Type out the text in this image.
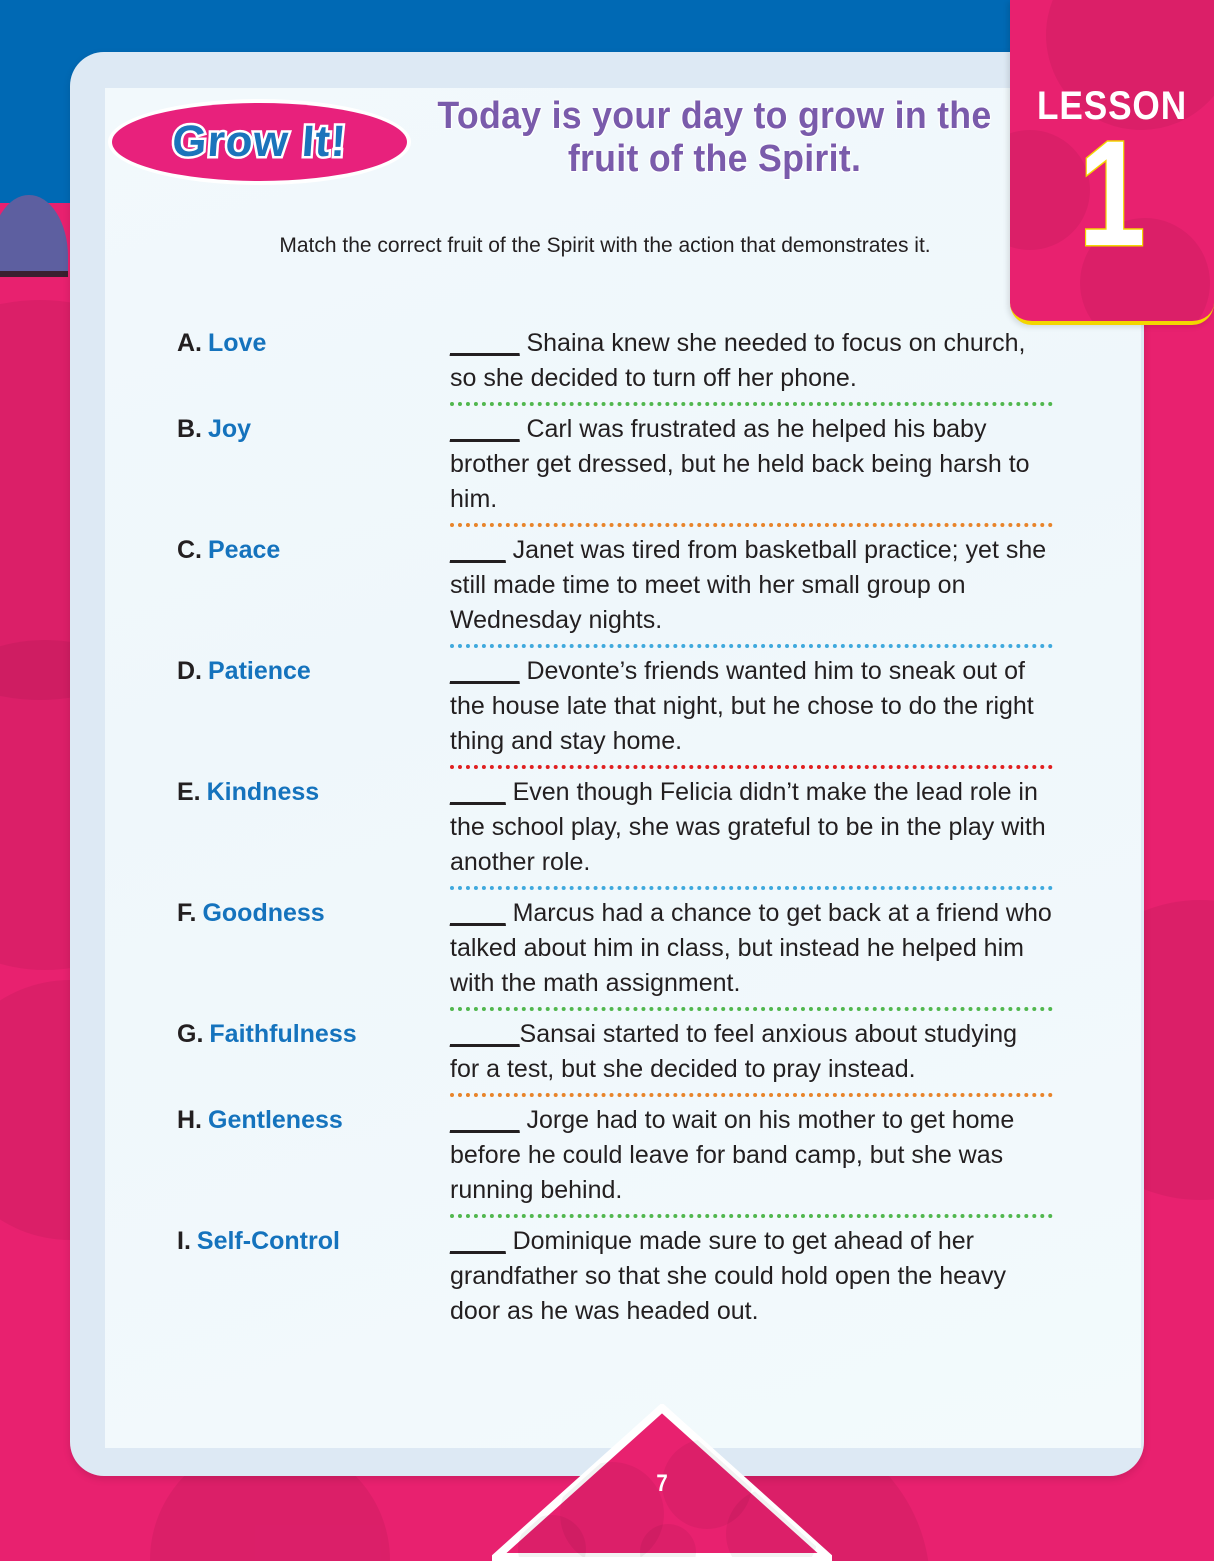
LESSON
1
Grow It!
Today is your day to grow in the fruit of the Spirit.
Match the correct fruit of the Spirit with the action that demonstrates it.
A. Love	_____ Shaina knew she needed to focus on church, so she decided to turn off her phone.
B. Joy	_____ Carl was frustrated as he helped his baby brother get dressed, but he held back being harsh to him.
C. Peace	____ Janet was tired from basketball practice; yet she still made time to meet with her small group on Wednesday nights.
D. Patience	_____ Devonte’s friends wanted him to sneak out of the house late that night, but he chose to do the right thing and stay home.
E. Kindness	____ Even though Felicia didn’t make the lead role in the school play, she was grateful to be in the play with another role.
F. Goodness	____ Marcus had a chance to get back at a friend who talked about him in class, but instead he helped him with the math assignment.
G. Faithfulness	_____Sansai started to feel anxious about studying for a test, but she decided to pray instead.
H. Gentleness	_____ Jorge had to wait on his mother to get home before he could leave for band camp, but she was running behind.
I. Self-Control	____ Dominique made sure to get ahead of her grandfather so that she could hold open the heavy door as he was headed out.
7
